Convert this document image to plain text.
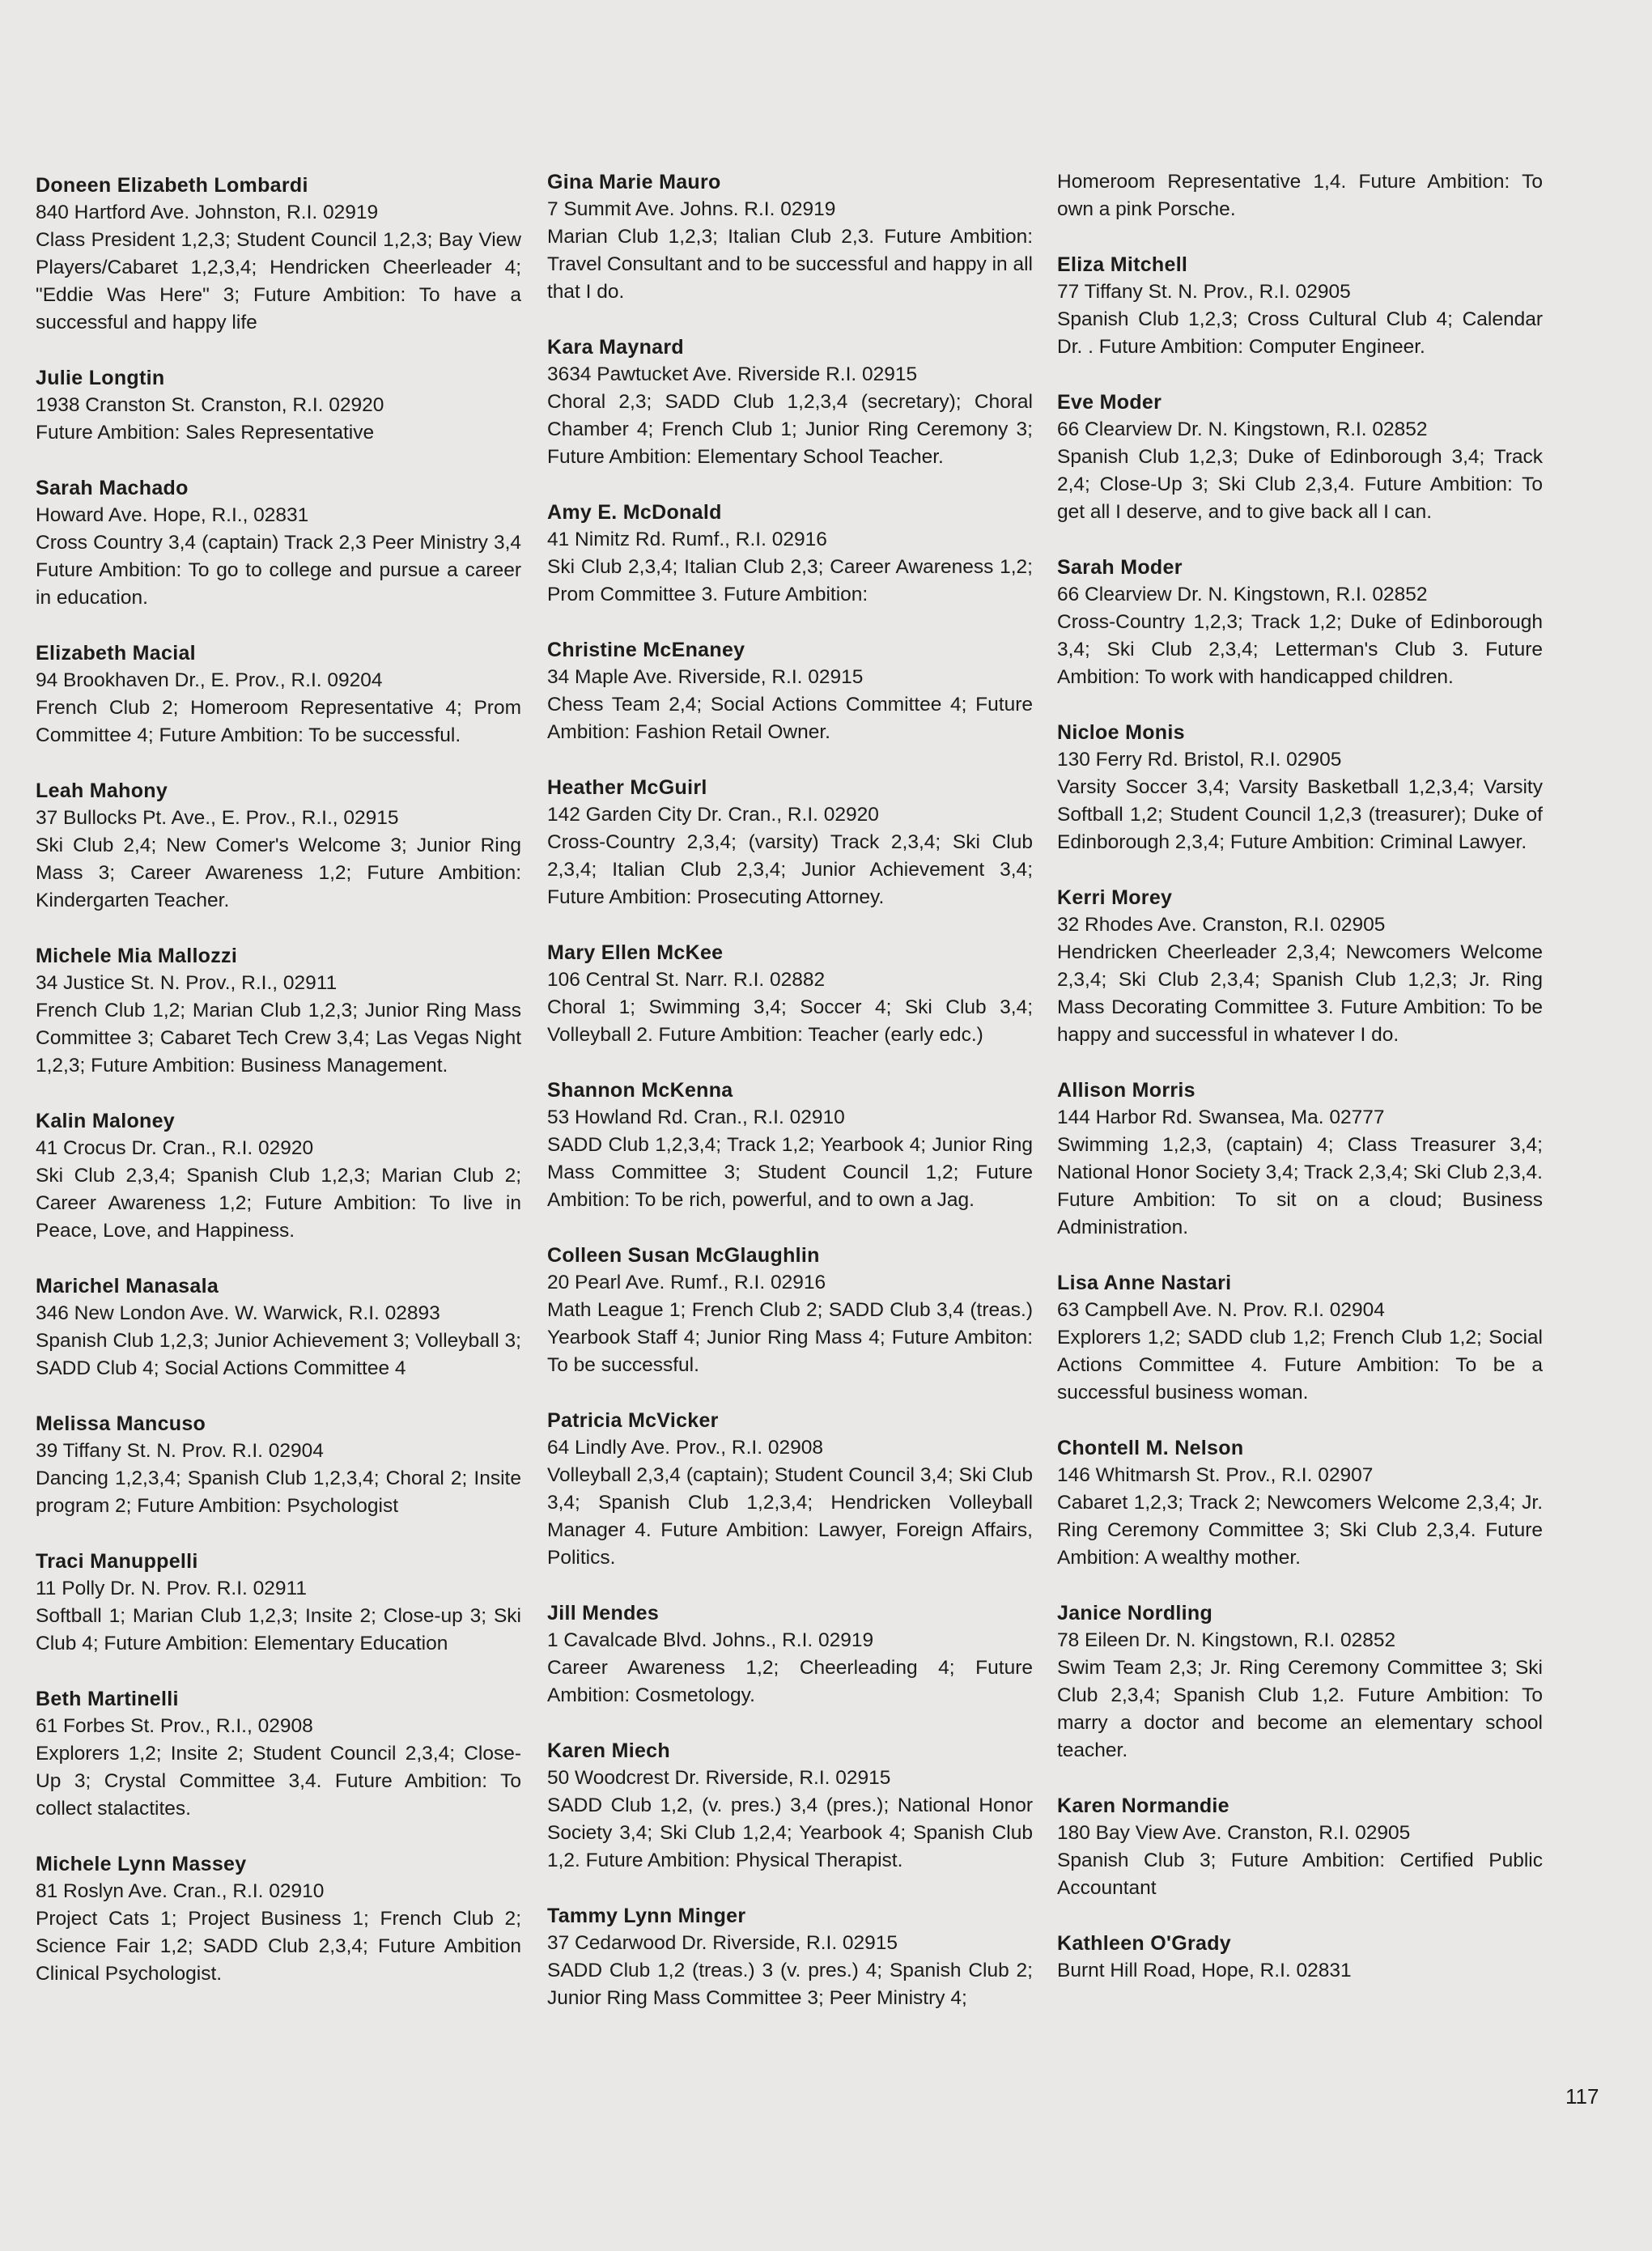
Doneen Elizabeth Lombardi

840 Hartford Ave. Johnston, R.I. 02919

Class President 1,2,3; Student Council 1,2,3; Bay View Players/Cabaret 1,2,3,4; Hendricken Cheerleader 4; "Eddie Was Here" 3; Future Ambition: To have a successful and happy life

Julie Longtin

1938 Cranston St. Cranston, R.I. 02920

Future Ambition: Sales Representative

Sarah Machado

Howard Ave. Hope, R.I., 02831

Cross Country 3,4 (captain) Track 2,3 Peer Ministry 3,4 Future Ambition: To go to college and pursue a career in education.

Elizabeth Macial

94 Brookhaven Dr., E. Prov., R.I. 09204

French Club 2; Homeroom Representative 4; Prom Committee 4; Future Ambition: To be successful.

Leah Mahony

37 Bullocks Pt. Ave., E. Prov., R.I., 02915

Ski Club 2,4; New Comer's Welcome 3; Junior Ring Mass 3; Career Awareness 1,2; Future Ambition: Kindergarten Teacher.

Michele Mia Mallozzi

34 Justice St. N. Prov., R.I., 02911

French Club 1,2; Marian Club 1,2,3; Junior Ring Mass Committee 3; Cabaret Tech Crew 3,4; Las Vegas Night 1,2,3; Future Ambition: Business Management.

Kalin Maloney

41 Crocus Dr. Cran., R.I. 02920

Ski Club 2,3,4; Spanish Club 1,2,3; Marian Club 2; Career Awareness 1,2; Future Ambition: To live in Peace, Love, and Happiness.

Marichel Manasala

346 New London Ave. W. Warwick, R.I. 02893

Spanish Club 1,2,3; Junior Achievement 3; Volleyball 3; SADD Club 4; Social Actions Committee 4

Melissa Mancuso

39 Tiffany St. N. Prov. R.I. 02904

Dancing 1,2,3,4; Spanish Club 1,2,3,4; Choral 2; Insite program 2; Future Ambition: Psychologist

Traci Manuppelli

11 Polly Dr. N. Prov. R.I. 02911

Softball 1; Marian Club 1,2,3; Insite 2; Close-up 3; Ski Club 4; Future Ambition: Elementary Education

Beth Martinelli

61 Forbes St. Prov., R.I., 02908

Explorers 1,2; Insite 2; Student Council 2,3,4; Close-Up 3; Crystal Committee 3,4. Future Ambition: To collect stalactites.

Michele Lynn Massey

81 Roslyn Ave. Cran., R.I. 02910

Project Cats 1; Project Business 1; French Club 2; Science Fair 1,2; SADD Club 2,3,4; Future Ambition Clinical Psychologist.

Gina Marie Mauro

7 Summit Ave. Johns. R.I. 02919

Marian Club 1,2,3; Italian Club 2,3. Future Ambition: Travel Consultant and to be successful and happy in all that I do.

Kara Maynard

3634 Pawtucket Ave. Riverside R.I. 02915

Choral 2,3; SADD Club 1,2,3,4 (secretary); Choral Chamber 4; French Club 1; Junior Ring Ceremony 3; Future Ambition: Elementary School Teacher.

Amy E. McDonald

41 Nimitz Rd. Rumf., R.I. 02916

Ski Club 2,3,4; Italian Club 2,3; Career Awareness 1,2; Prom Committee 3. Future Ambition:

Christine McEnaney

34 Maple Ave. Riverside, R.I. 02915

Chess Team 2,4; Social Actions Committee 4; Future Ambition: Fashion Retail Owner.

Heather McGuirl

142 Garden City Dr. Cran., R.I. 02920

Cross-Country 2,3,4; (varsity) Track 2,3,4; Ski Club 2,3,4; Italian Club 2,3,4; Junior Achievement 3,4; Future Ambition: Prosecuting Attorney.

Mary Ellen McKee

106 Central St. Narr. R.I. 02882

Choral 1; Swimming 3,4; Soccer 4; Ski Club 3,4; Volleyball 2. Future Ambition: Teacher (early edc.)

Shannon McKenna

53 Howland Rd. Cran., R.I. 02910

SADD Club 1,2,3,4; Track 1,2; Yearbook 4; Junior Ring Mass Committee 3; Student Council 1,2; Future Ambition: To be rich, powerful, and to own a Jag.

Colleen Susan McGlaughlin

20 Pearl Ave. Rumf., R.I. 02916

Math League 1; French Club 2; SADD Club 3,4 (treas.) Yearbook Staff 4; Junior Ring Mass 4; Future Ambiton: To be successful.

Patricia McVicker

64 Lindly Ave. Prov., R.I. 02908

Volleyball 2,3,4 (captain); Student Council 3,4; Ski Club 3,4; Spanish Club 1,2,3,4; Hendricken Volleyball Manager 4. Future Ambition: Lawyer, Foreign Affairs, Politics.

Jill Mendes

1 Cavalcade Blvd. Johns., R.I. 02919

Career Awareness 1,2; Cheerleading 4; Future Ambition: Cosmetology.

Karen Miech

50 Woodcrest Dr. Riverside, R.I. 02915

SADD Club 1,2, (v. pres.) 3,4 (pres.); National Honor Society 3,4; Ski Club 1,2,4; Yearbook 4; Spanish Club 1,2. Future Ambition: Physical Therapist.

Tammy Lynn Minger

37 Cedarwood Dr. Riverside, R.I. 02915

SADD Club 1,2 (treas.) 3 (v. pres.) 4; Spanish Club 2; Junior Ring Mass Committee 3; Peer Ministry 4;

Homeroom Representative 1,4. Future Ambition: To own a pink Porsche.

Eliza Mitchell

77 Tiffany St. N. Prov., R.I. 02905

Spanish Club 1,2,3; Cross Cultural Club 4; Calendar Dr. . Future Ambition: Computer Engineer.

Eve Moder

66 Clearview Dr. N. Kingstown, R.I. 02852

Spanish Club 1,2,3; Duke of Edinborough 3,4; Track 2,4; Close-Up 3; Ski Club 2,3,4. Future Ambition: To get all I deserve, and to give back all I can.

Sarah Moder

66 Clearview Dr. N. Kingstown, R.I. 02852

Cross-Country 1,2,3; Track 1,2; Duke of Edinborough 3,4; Ski Club 2,3,4; Letterman's Club 3. Future Ambition: To work with handicapped children.

Nicloe Monis

130 Ferry Rd. Bristol, R.I. 02905

Varsity Soccer 3,4; Varsity Basketball 1,2,3,4; Varsity Softball 1,2; Student Council 1,2,3 (treasurer); Duke of Edinborough 2,3,4; Future Ambition: Criminal Lawyer.

Kerri Morey

32 Rhodes Ave. Cranston, R.I. 02905

Hendricken Cheerleader 2,3,4; Newcomers Welcome 2,3,4; Ski Club 2,3,4; Spanish Club 1,2,3; Jr. Ring Mass Decorating Committee 3. Future Ambition: To be happy and successful in whatever I do.

Allison Morris

144 Harbor Rd. Swansea, Ma. 02777

Swimming 1,2,3, (captain) 4; Class Treasurer 3,4; National Honor Society 3,4; Track 2,3,4; Ski Club 2,3,4. Future Ambition: To sit on a cloud; Business Administration.

Lisa Anne Nastari

63 Campbell Ave. N. Prov. R.I. 02904

Explorers 1,2; SADD club 1,2; French Club 1,2; Social Actions Committee 4. Future Ambition: To be a successful business woman.

Chontell M. Nelson

146 Whitmarsh St. Prov., R.I. 02907

Cabaret 1,2,3; Track 2; Newcomers Welcome 2,3,4; Jr. Ring Ceremony Committee 3; Ski Club 2,3,4. Future Ambition: A wealthy mother.

Janice Nordling

78 Eileen Dr. N. Kingstown, R.I. 02852

Swim Team 2,3; Jr. Ring Ceremony Committee 3; Ski Club 2,3,4; Spanish Club 1,2. Future Ambition: To marry a doctor and become an elementary school teacher.

Karen Normandie

180 Bay View Ave. Cranston, R.I. 02905

Spanish Club 3; Future Ambition: Certified Public Accountant

Kathleen O'Grady

Burnt Hill Road, Hope, R.I. 02831

117
